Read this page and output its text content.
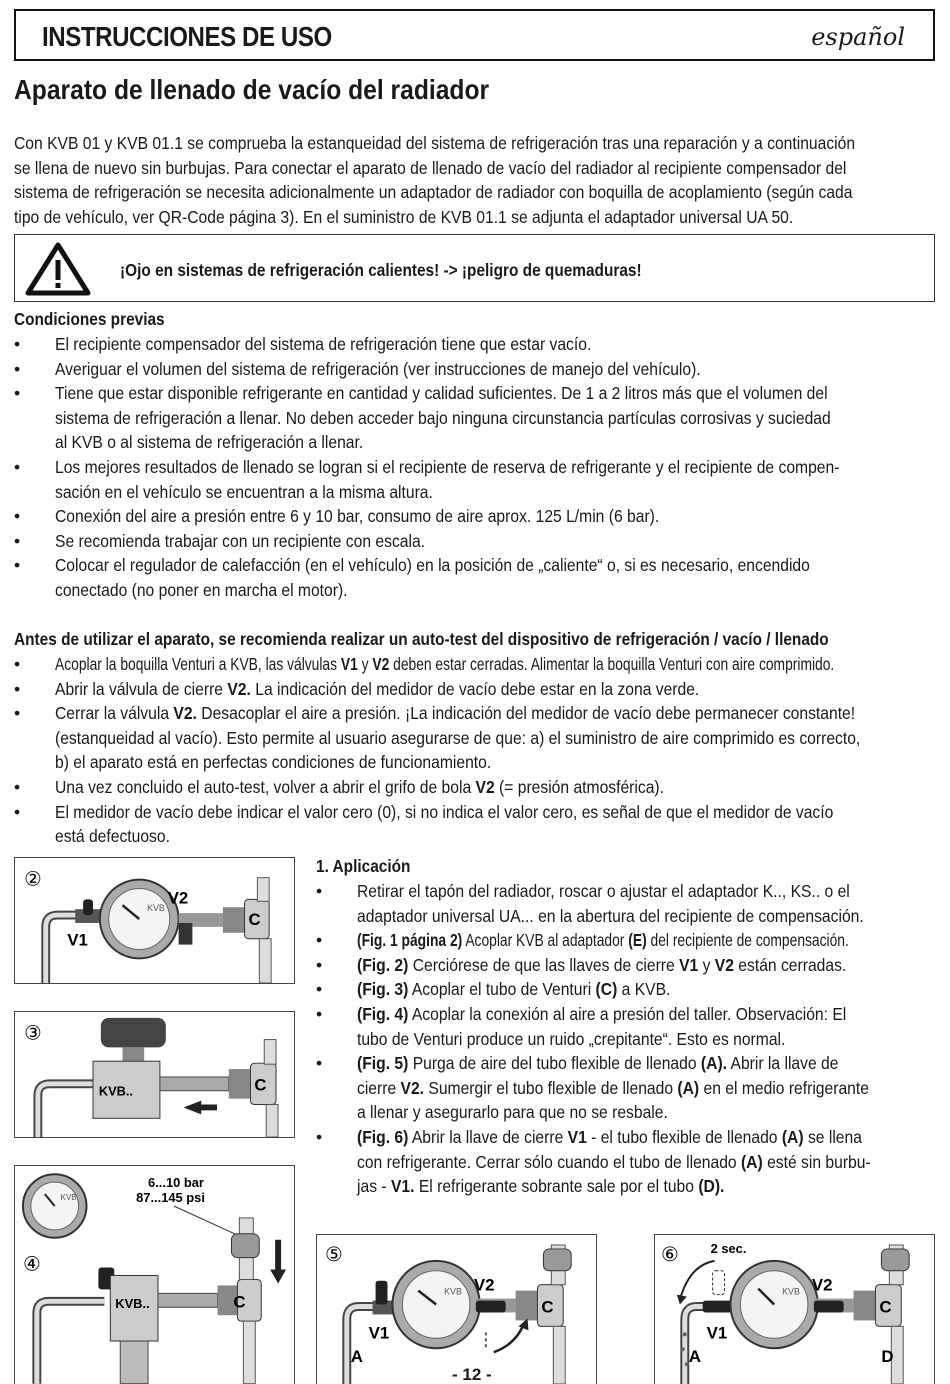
INSTRUCCIONES DE USO	español
Aparato de llenado de vacío del radiador
Con KVB 01 y KVB 01.1 se comprueba la estanqueidad del sistema de refrigeración tras una reparación y a continuación
se llena de nuevo sin burbujas. Para conectar el aparato de llenado de vacío del radiador al recipiente compensador del
sistema de refrigeración se necesita adicionalmente un adaptador de radiador con boquilla de acoplamiento (según cada
tipo de vehículo, ver QR-Code página 3). En el suministro de KVB 01.1 se adjunta el adaptador universal UA 50.
¡Ojo en sistemas de refrigeración calientes! -> ¡peligro de quemaduras!
Condiciones previas
• El recipiente compensador del sistema de refrigeración tiene que estar vacío.
• Averiguar el volumen del sistema de refrigeración (ver instrucciones de manejo del vehículo).
• Tiene que estar disponible refrigerante en cantidad y calidad suficientes. De 1 a 2 litros más que el volumen del
sistema de refrigeración a llenar. No deben acceder bajo ninguna circunstancia partículas corrosivas y suciedad
al KVB o al sistema de refrigeración a llenar.
• Los mejores resultados de llenado se logran si el recipiente de reserva de refrigerante y el recipiente de compen-
sación en el vehículo se encuentran a la misma altura.
• Conexión del aire a presión entre 6 y 10 bar, consumo de aire aprox. 125 L/min (6 bar).
• Se recomienda trabajar con un recipiente con escala.
• Colocar el regulador de calefacción (en el vehículo) en la posición de „caliente“ o, si es necesario, encendido
conectado (no poner en marcha el motor).
Antes de utilizar el aparato, se recomienda realizar un auto-test del dispositivo de refrigeración / vacío / llenado
• Acoplar la boquilla Venturi a KVB, las válvulas V1 y V2 deben estar cerradas. Alimentar la boquilla Venturi con aire comprimido.
• Abrir la válvula de cierre V2. La indicación del medidor de vacío debe estar en la zona verde.
• Cerrar la válvula V2. Desacoplar el aire a presión. ¡La indicación del medidor de vacío debe permanecer constante!
(estanqueidad al vacío). Esto permite al usuario asegurarse de que: a) el suministro de aire comprimido es correcto,
b) el aparato está en perfectas condiciones de funcionamiento.
• Una vez concluido el auto-test, volver a abrir el grifo de bola V2 (= presión atmosférica).
• El medidor de vacío debe indicar el valor cero (0), si no indica el valor cero, es señal de que el medidor de vacío
está defectuoso.
1. Aplicación
• Retirar el tapón del radiador, roscar o ajustar el adaptador K.., KS.. o el
adaptador universal UA... en la abertura del recipiente de compensación.
• (Fig. 1 página 2) Acoplar KVB al adaptador (E) del recipiente de compensación.
• (Fig. 2) Cerciórese de que las llaves de cierre V1 y V2 están cerradas.
• (Fig. 3) Acoplar el tubo de Venturi (C) a KVB.
• (Fig. 4) Acoplar la conexión al aire a presión del taller. Observación: El
tubo de Venturi produce un ruido „crepitante“. Esto es normal.
• (Fig. 5) Purga de aire del tubo flexible de llenado (A). Abrir la llave de
cierre V2. Sumergir el tubo flexible de llenado (A) en el medio refrigerante
a llenar y asegurarlo para que no se resbale.
• (Fig. 6) Abrir la llave de cierre V1 - el tubo flexible de llenado (A) se llena
con refrigerante. Cerrar sólo cuando el tubo de llenado (A) esté sin burbu-
jas - V1. El refrigerante sobrante sale por el tubo (D).
②
KVB
V1
V2
C
③
KVB..	C
KVB
6...10 bar
87...145 psi
④
KVB..	C
⑤
KVB
V1
V2
C
A
⑥ 2 sec.
KVB
V1
V2
C
A	D
- 12 -
